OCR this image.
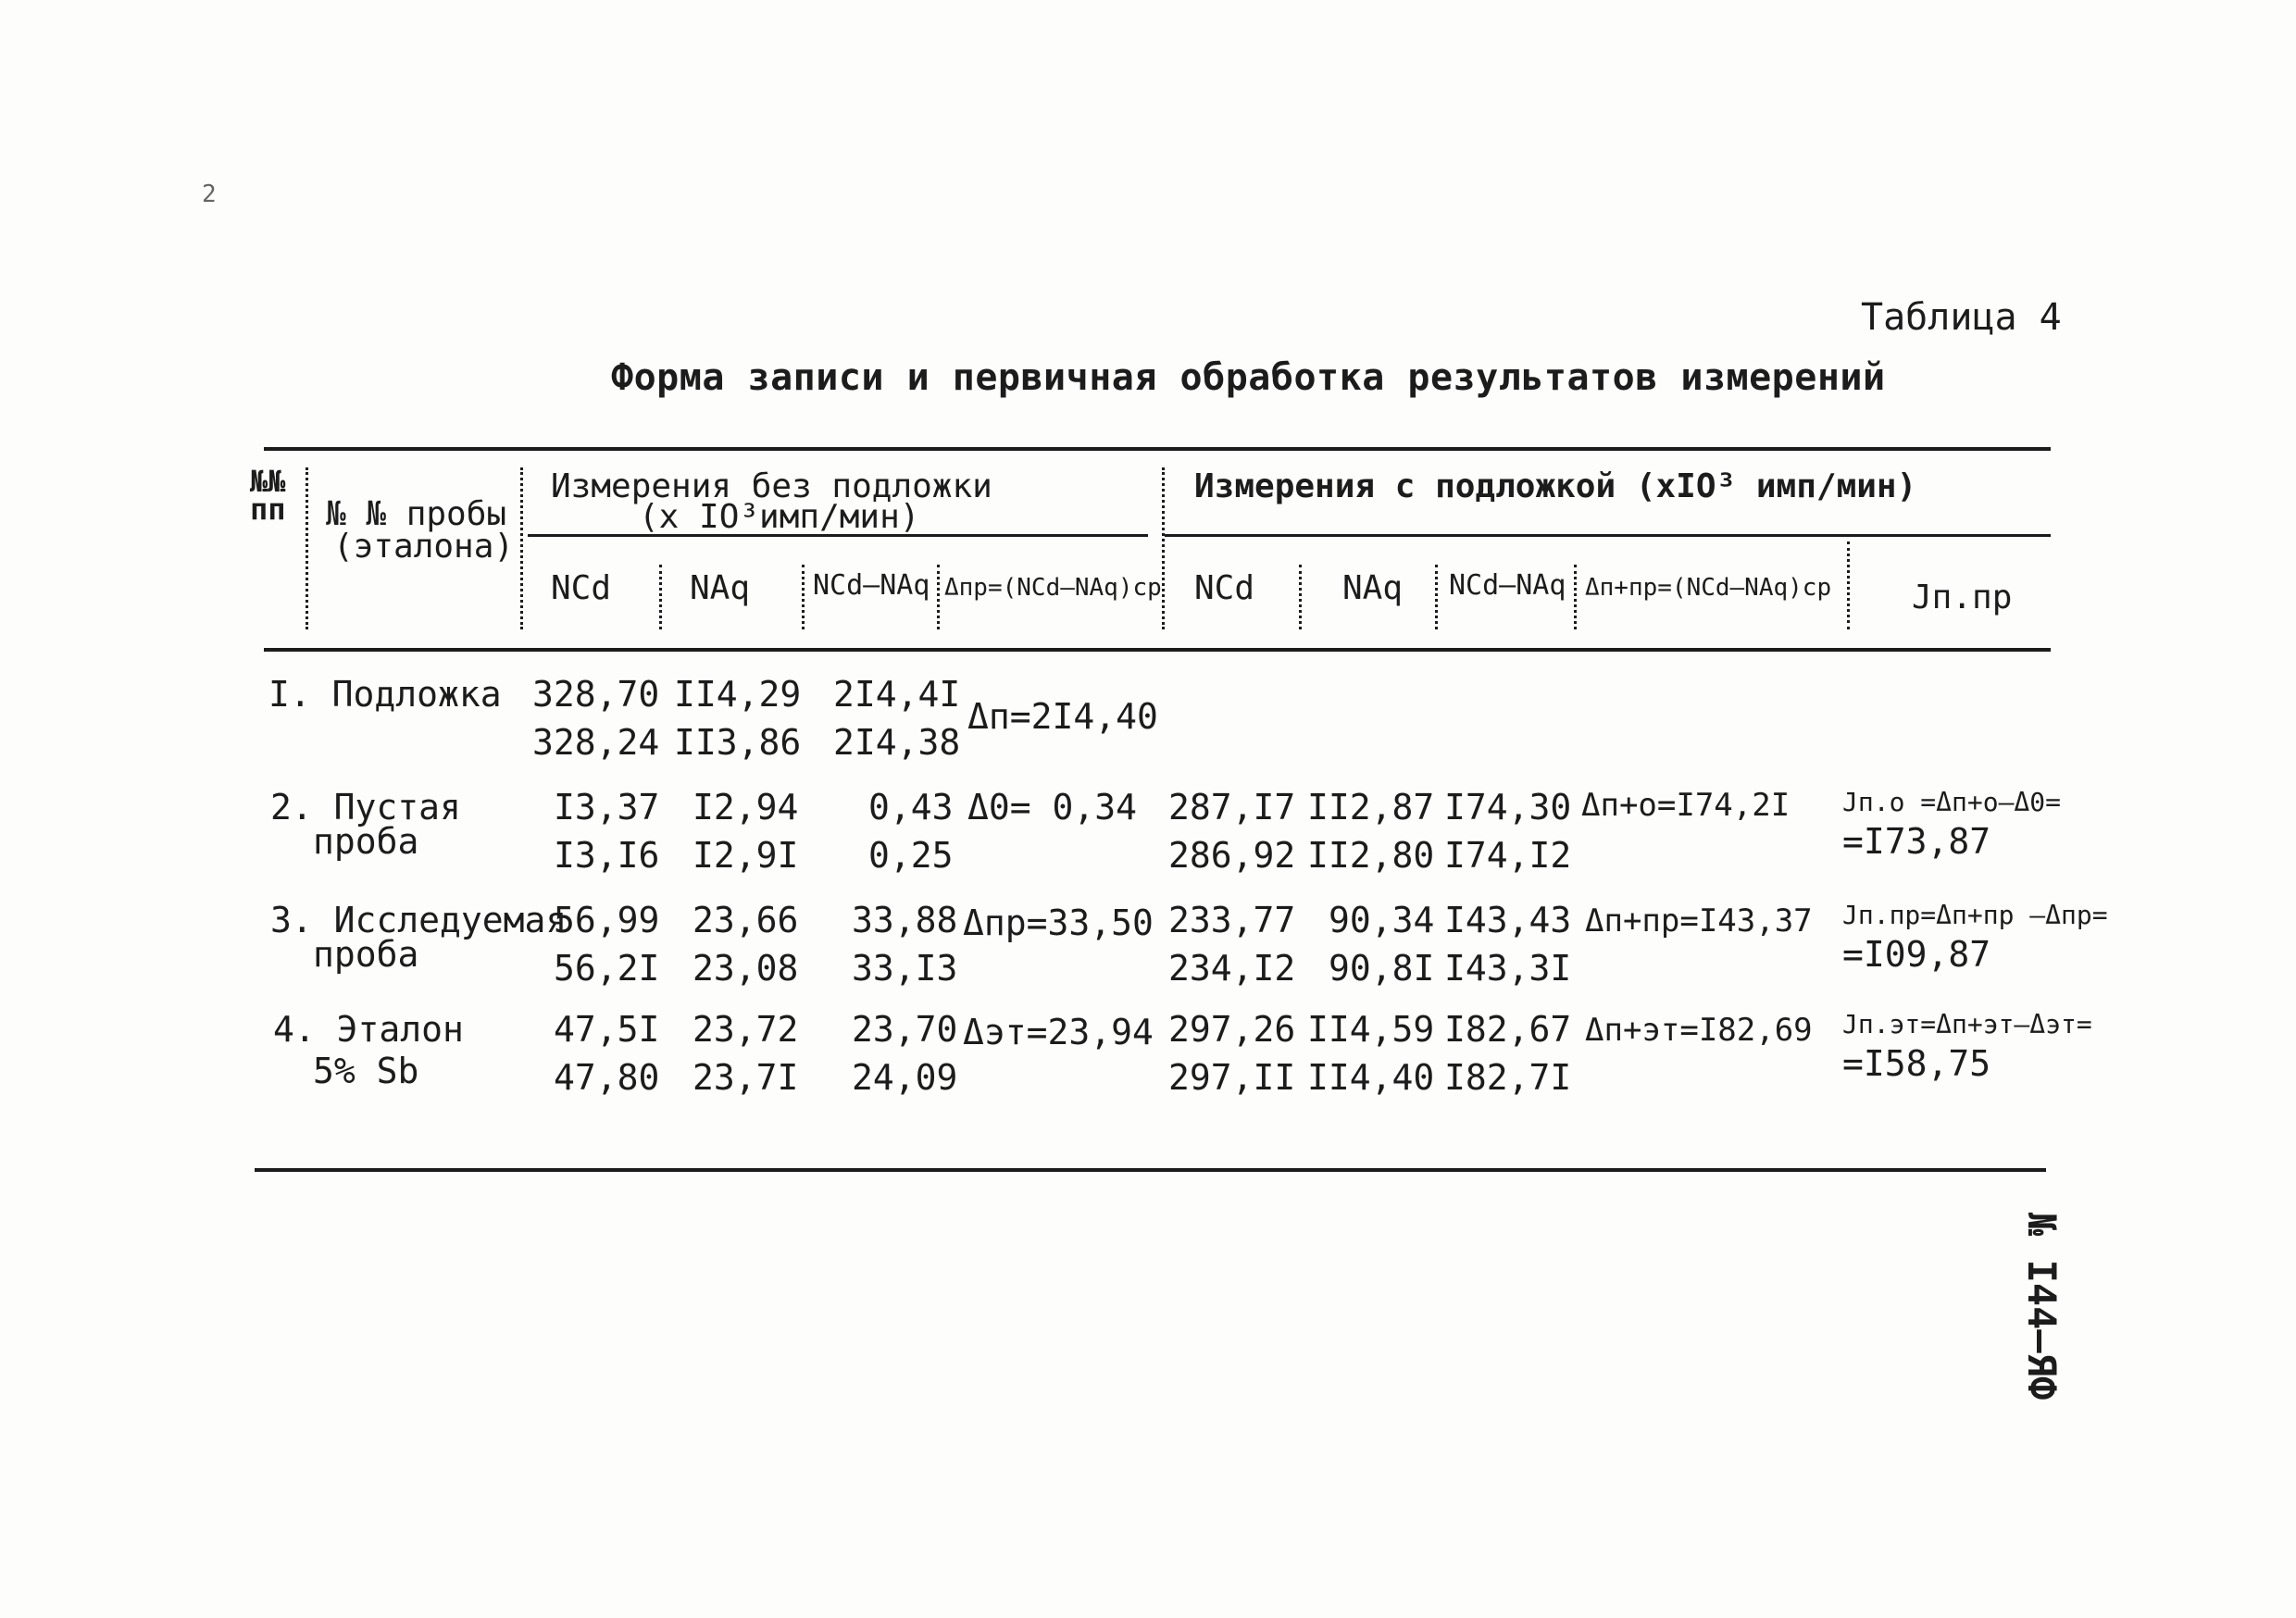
2
Таблица 4
Форма записи и первичная обработка результатов измерений
№ I44–ЯФ
№№ пп	№ № пробы
(эталона)
Измерения без подложки
(x IO³имп/мин)
Измерения с подложкой (xIO³ имп/мин)
NCd NAq NCd–NAq Δпр=(NCd–NAq)ср NCd	NAq NCd–NAq Δп+пр=(NCd–NAq)ср Jп.пр
I. Подложка 328,70
328,24
II4,29
II3,86
2I4,4I
2I4,38
Δп=2I4,40
2. Пустая
проба
I3,37
I3,I6
I2,94
I2,9I
0,43
0,25
Δ0= 0,34 287,I7
286,92
II2,87
II2,80
I74,30
I74,I2
Δп+о=I74,2I Jп.о =Δп+о–Δ0=
=I73,87
3. Исследуемая
проба
56,99
56,2I
23,66
23,08
33,88
33,I3
Δпр=33,50 233,77
234,I2
90,34
90,8I
I43,43
I43,3I
Δп+пр=I43,37 Jп.пр=Δп+пр –Δпр=
=I09,87
4. Эталон
5% Sb
47,5I
47,80
23,72
23,7I
23,70
24,09
Δэт=23,94 297,26
297,II
II4,59
II4,40
I82,67
I82,7I
Δп+эт=I82,69 Jп.эт=Δп+эт–Δэт=
=I58,75
